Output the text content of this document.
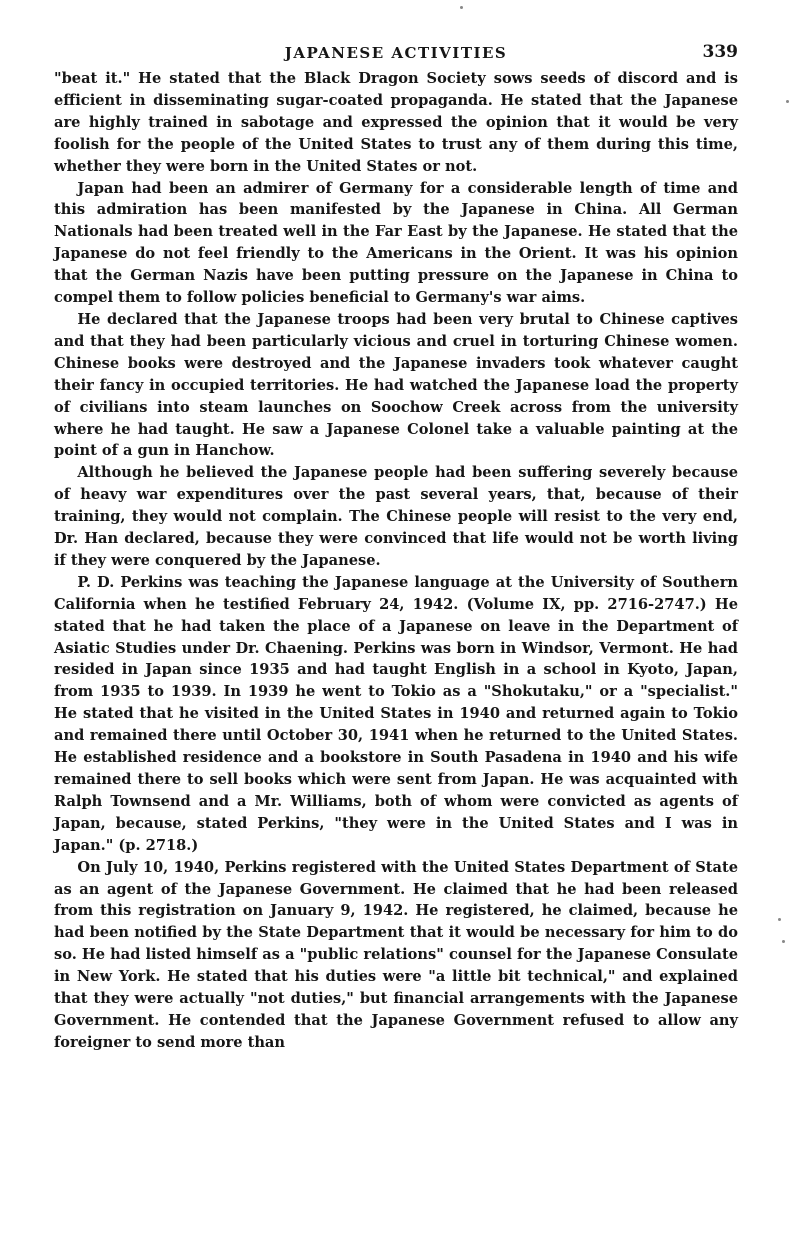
JAPANESE ACTIVITIES	339

"beat it." He stated that the Black Dragon Society sows seeds of discord and is efficient in disseminating sugar-coated propaganda. He stated that the Japanese are highly trained in sabotage and expressed the opinion that it would be very foolish for the people of the United States to trust any of them during this time, whether they were born in the United States or not.

Japan had been an admirer of Germany for a considerable length of time and this admiration has been manifested by the Japanese in China. All German Nationals had been treated well in the Far East by the Japanese. He stated that the Japanese do not feel friendly to the Americans in the Orient. It was his opinion that the German Nazis have been putting pressure on the Japanese in China to compel them to follow policies beneficial to Germany's war aims.

He declared that the Japanese troops had been very brutal to Chinese captives and that they had been particularly vicious and cruel in torturing Chinese women. Chinese books were destroyed and the Japanese invaders took whatever caught their fancy in occupied territories. He had watched the Japanese load the property of civilians into steam launches on Soochow Creek across from the university where he had taught. He saw a Japanese Colonel take a valuable painting at the point of a gun in Hanchow.

Although he believed the Japanese people had been suffering severely because of heavy war expenditures over the past several years, that, because of their training, they would not complain. The Chinese people will resist to the very end, Dr. Han declared, because they were convinced that life would not be worth living if they were conquered by the Japanese.

P. D. Perkins was teaching the Japanese language at the University of Southern California when he testified February 24, 1942. (Volume IX, pp. 2716-2747.) He stated that he had taken the place of a Japanese on leave in the Department of Asiatic Studies under Dr. Chaening. Perkins was born in Windsor, Vermont. He had resided in Japan since 1935 and had taught English in a school in Kyoto, Japan, from 1935 to 1939. In 1939 he went to Tokio as a "Shokutaku," or a "specialist." He stated that he visited in the United States in 1940 and returned again to Tokio and remained there until October 30, 1941 when he returned to the United States. He established residence and a bookstore in South Pasadena in 1940 and his wife remained there to sell books which were sent from Japan. He was acquainted with Ralph Townsend and a Mr. Williams, both of whom were convicted as agents of Japan, because, stated Perkins, "they were in the United States and I was in Japan." (p. 2718.)

On July 10, 1940, Perkins registered with the United States Department of State as an agent of the Japanese Government. He claimed that he had been released from this registration on January 9, 1942. He registered, he claimed, because he had been notified by the State Department that it would be necessary for him to do so. He had listed himself as a "public relations" counsel for the Japanese Consulate in New York. He stated that his duties were "a little bit technical," and explained that they were actually "not duties," but financial arrangements with the Japanese Government. He contended that the Japanese Government refused to allow any foreigner to send more than
